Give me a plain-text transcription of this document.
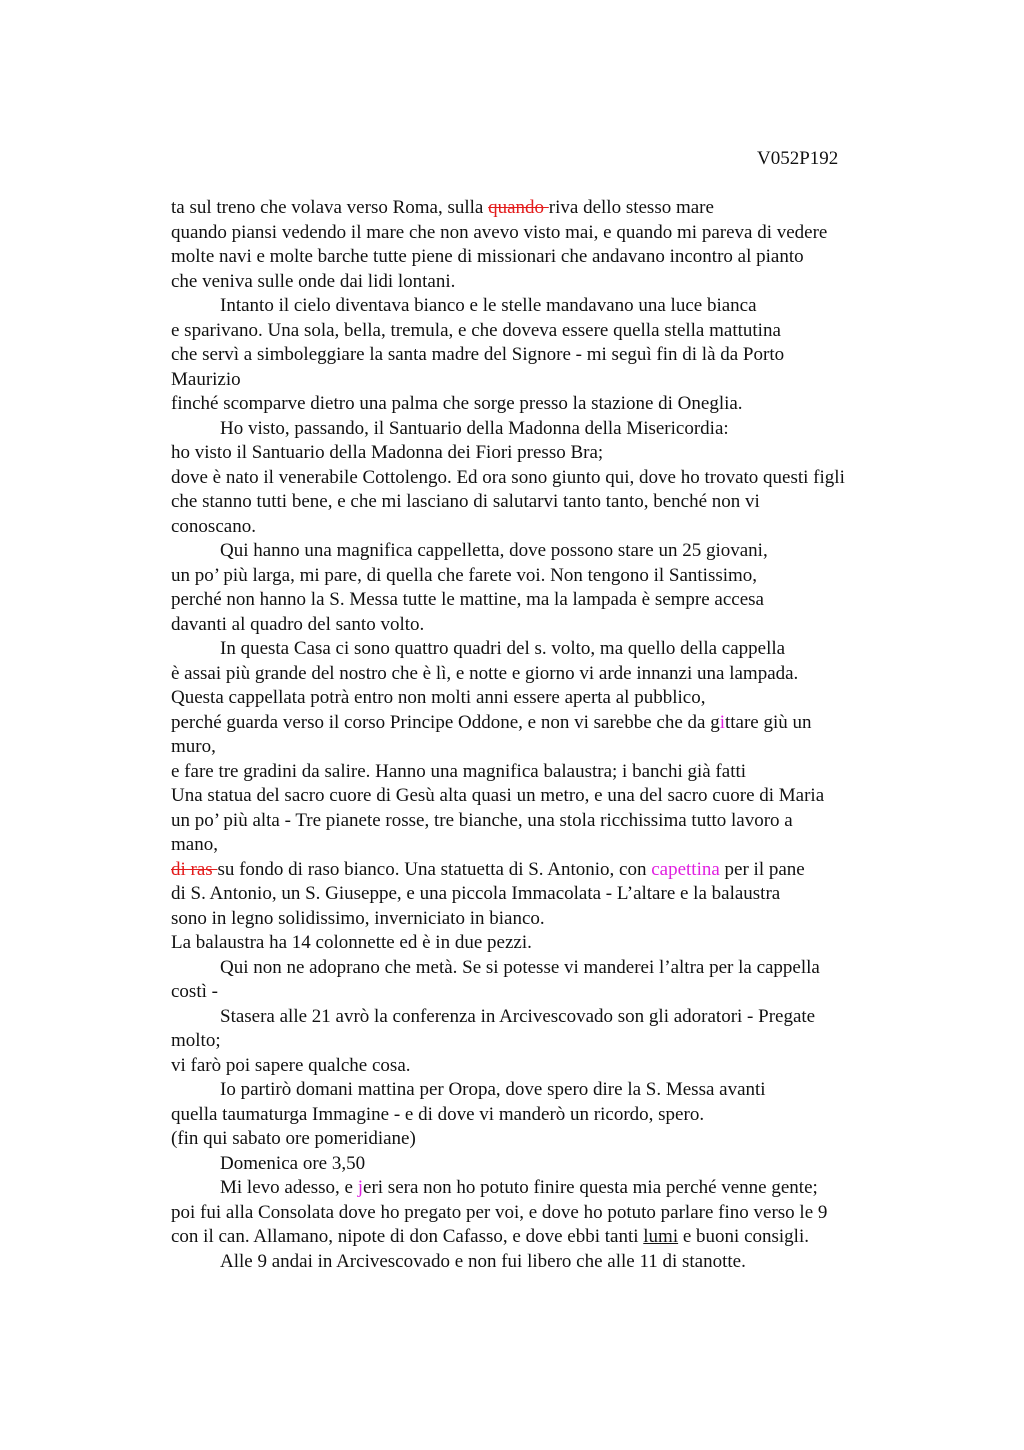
V052P192
ta sul treno che volava verso Roma, sulla quando riva dello stesso mare
quando piansi vedendo il mare che non avevo visto mai, e quando mi pareva di vedere
molte navi e molte barche tutte piene di missionari che andavano incontro al pianto
che veniva sulle onde dai lidi lontani.
Intanto il cielo diventava bianco e le stelle mandavano una luce bianca
e sparivano. Una sola, bella, tremula, e che doveva essere quella stella mattutina
che servì a simboleggiare la santa madre del Signore - mi seguì fin di là da Porto
Maurizio
finché scomparve dietro una palma che sorge presso la stazione di Oneglia.
Ho visto, passando, il Santuario della Madonna della Misericordia:
ho visto il Santuario della Madonna dei Fiori presso Bra;
dove è nato il venerabile Cottolengo. Ed ora sono giunto qui, dove ho trovato questi figli
che stanno tutti bene, e che mi lasciano di salutarvi tanto tanto, benché non vi
conoscano.
Qui hanno una magnifica cappelletta, dove possono stare un 25 giovani,
un po’ più larga, mi pare, di quella che farete voi. Non tengono il Santissimo,
perché non hanno la S. Messa tutte le mattine, ma la lampada è sempre accesa
davanti al quadro del santo volto.
In questa Casa ci sono quattro quadri del s. volto, ma quello della cappella
è assai più grande del nostro che è lì, e notte e giorno vi arde innanzi una lampada.
Questa cappellata potrà entro non molti anni essere aperta al pubblico,
perché guarda verso il corso Principe Oddone, e non vi sarebbe che da gittare giù un
muro,
e fare tre gradini da salire. Hanno una magnifica balaustra; i banchi già fatti
Una statua del sacro cuore di Gesù alta quasi un metro, e una del sacro cuore di Maria
un po’ più alta - Tre pianete rosse, tre bianche, una stola ricchissima tutto lavoro a
mano,
di ras su fondo di raso bianco. Una statuetta di S. Antonio, con capettina per il pane
di S. Antonio, un S. Giuseppe, e una piccola Immacolata - L’altare e la balaustra
sono in legno solidissimo, inverniciato in bianco.
La balaustra ha 14 colonnette ed è in due pezzi.
Qui non ne adoprano che metà. Se si potesse vi manderei l’altra per la cappella
costì -
Stasera alle 21 avrò la conferenza in Arcivescovado son gli adoratori - Pregate
molto;
vi farò poi sapere qualche cosa.
Io partirò domani mattina per Oropa, dove spero dire la S. Messa avanti
quella taumaturga Immagine - e di dove vi manderò un ricordo, spero.
(fin qui sabato ore pomeridiane)
Domenica ore 3,50
Mi levo adesso, e jeri sera non ho potuto finire questa mia perché venne gente;
poi fui alla Consolata dove ho pregato per voi, e dove ho potuto parlare fino verso le 9
con il can. Allamano, nipote di don Cafasso, e dove ebbi tanti lumi e buoni consigli.
Alle 9 andai in Arcivescovado e non fui libero che alle 11 di stanotte.
